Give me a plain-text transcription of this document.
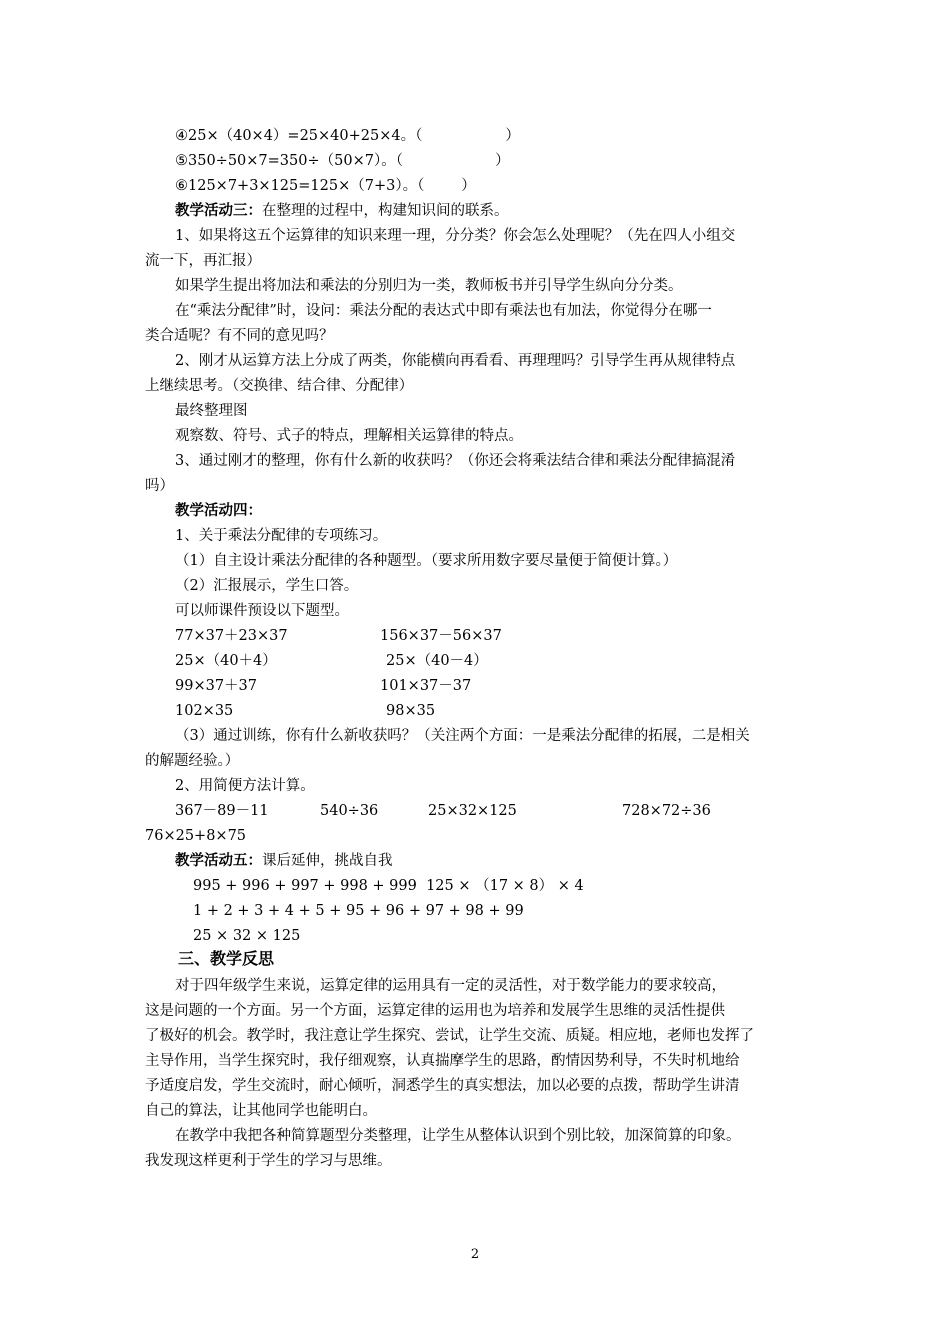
④25×（40×4）=25×40+25×4。（                  ）
⑤350÷50×7=350÷（50×7）。（                    ）
⑥125×7+3×125=125×（7+3）。（        ）
教学活动三：在整理的过程中，构建知识间的联系。
1、如果将这五个运算律的知识来理一理，分分类？你会怎么处理呢？（先在四人小组交
流一下，再汇报）
如果学生提出将加法和乘法的分别归为一类，教师板书并引导学生纵向分分类。
在“乘法分配律”时，设问：乘法分配的表达式中即有乘法也有加法，你觉得分在哪一
类合适呢？有不同的意见吗？
2、刚才从运算方法上分成了两类，你能横向再看看、再理理吗？引导学生再从规律特点
上继续思考。（交换律、结合律、分配律）
最终整理图
观察数、符号、式子的特点，理解相关运算律的特点。
3、通过刚才的整理，你有什么新的收获吗？（你还会将乘法结合律和乘法分配律搞混淆
吗）
教学活动四：
1、关于乘法分配律的专项练习。
（1）自主设计乘法分配律的各种题型。（要求所用数字要尽量便于简便计算。）
（2）汇报展示，学生口答。
可以师课件预设以下题型。
77×37＋23×37	156×37－56×37
25×（40＋4）	25×（40－4）
99×37＋37	101×37－37
102×35	98×35
（3）通过训练，你有什么新收获吗？（关注两个方面：一是乘法分配律的拓展，二是相关
的解题经验。）
2、用简便方法计算。
367－89－11	540÷36	25×32×125	728×72÷36
76×25+8×75
教学活动五：课后延伸，挑战自我
995 + 996 + 997 + 998 + 999  125 × （17 × 8） × 4
1 + 2 + 3 + 4 + 5 + 95 + 96 + 97 + 98 + 99
25 × 32 × 125
三、教学反思
对于四年级学生来说，运算定律的运用具有一定的灵活性，对于数学能力的要求较高，
这是问题的一个方面。另一个方面，运算定律的运用也为培养和发展学生思维的灵活性提供
了极好的机会。教学时，我注意让学生探究、尝试，让学生交流、质疑。相应地，老师也发挥了
主导作用，当学生探究时，我仔细观察，认真揣摩学生的思路，酌情因势利导，不失时机地给
予适度启发，学生交流时，耐心倾听，洞悉学生的真实想法，加以必要的点拨，帮助学生讲清
自己的算法，让其他同学也能明白。
在教学中我把各种简算题型分类整理，让学生从整体认识到个别比较，加深简算的印象。
我发现这样更利于学生的学习与思维。
2
